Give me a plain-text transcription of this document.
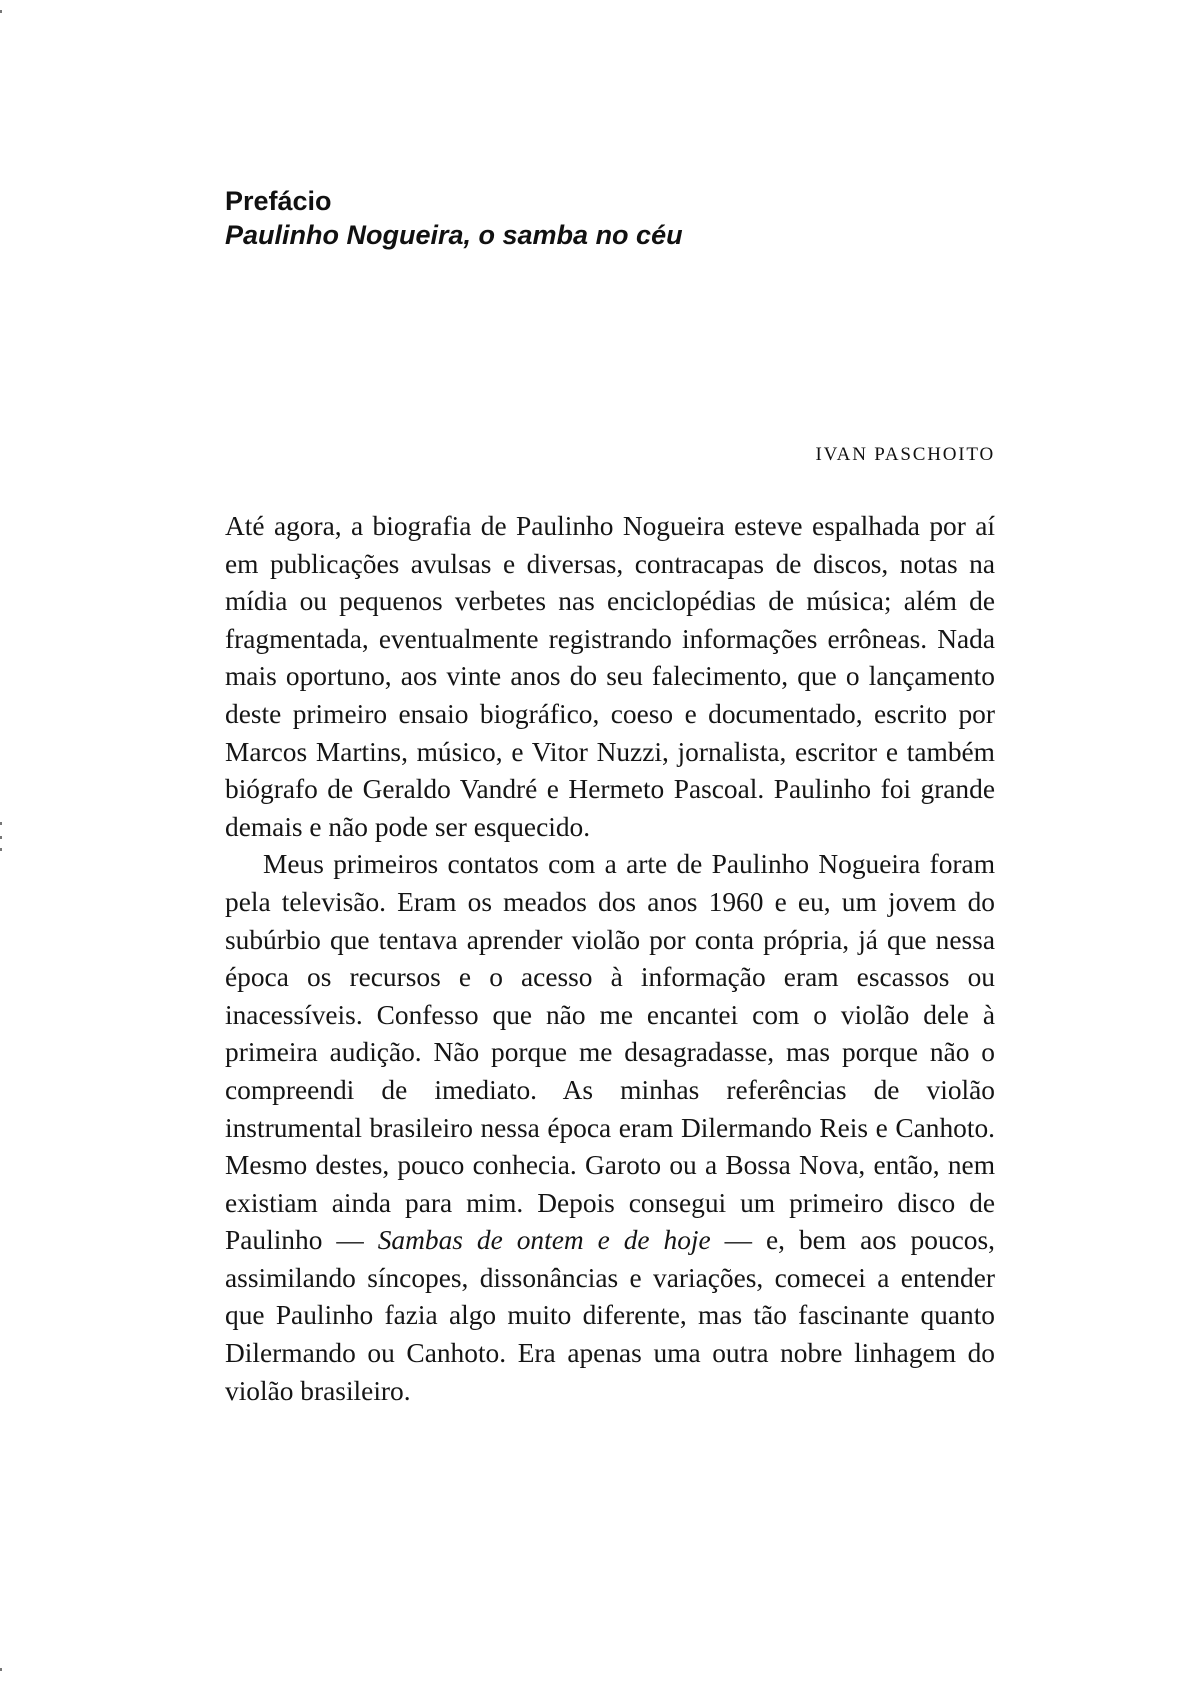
Prefácio
Paulinho Nogueira, o samba no céu
IVAN PASCHOITO

Até agora, a biografia de Paulinho Nogueira esteve espalhada por aí em publicações avulsas e diversas, contracapas de discos, notas na mídia ou pequenos verbetes nas enciclopédias de música; além de fragmentada, eventualmente registrando informações errôneas. Nada mais oportuno, aos vinte anos do seu falecimento, que o lançamento deste primeiro ensaio biográfico, coeso e documentado, escrito por Marcos Martins, músico, e Vitor Nuzzi, jornalista, escritor e também biógrafo de Geraldo Vandré e Hermeto Pascoal. Paulinho foi grande demais e não pode ser esquecido.

Meus primeiros contatos com a arte de Paulinho Nogueira foram pela televisão. Eram os meados dos anos 1960 e eu, um jovem do subúrbio que tentava aprender violão por conta própria, já que nessa época os recursos e o acesso à informação eram escassos ou inacessíveis. Confesso que não me encantei com o violão dele à primeira audição. Não porque me desagradasse, mas porque não o compreendi de imediato. As minhas referências de violão instrumental brasileiro nessa época eram Dilermando Reis e Canhoto. Mesmo destes, pouco conhecia. Garoto ou a Bossa Nova, então, nem existiam ainda para mim. Depois consegui um primeiro disco de Paulinho — Sambas de ontem e de hoje — e, bem aos poucos, assimilando síncopes, dissonâncias e variações, comecei a entender que Paulinho fazia algo muito diferente, mas tão fascinante quanto Dilermando ou Canhoto. Era apenas uma outra nobre linhagem do violão brasileiro.
